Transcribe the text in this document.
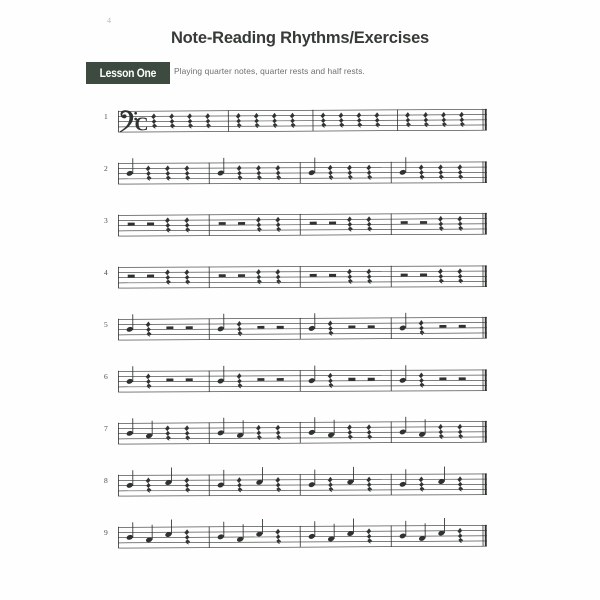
4
Note-Reading Rhythms/Exercises
Lesson One Playing quarter notes, quarter rests and half rests.
1 C
2
3
4
5
6
7
8
9
